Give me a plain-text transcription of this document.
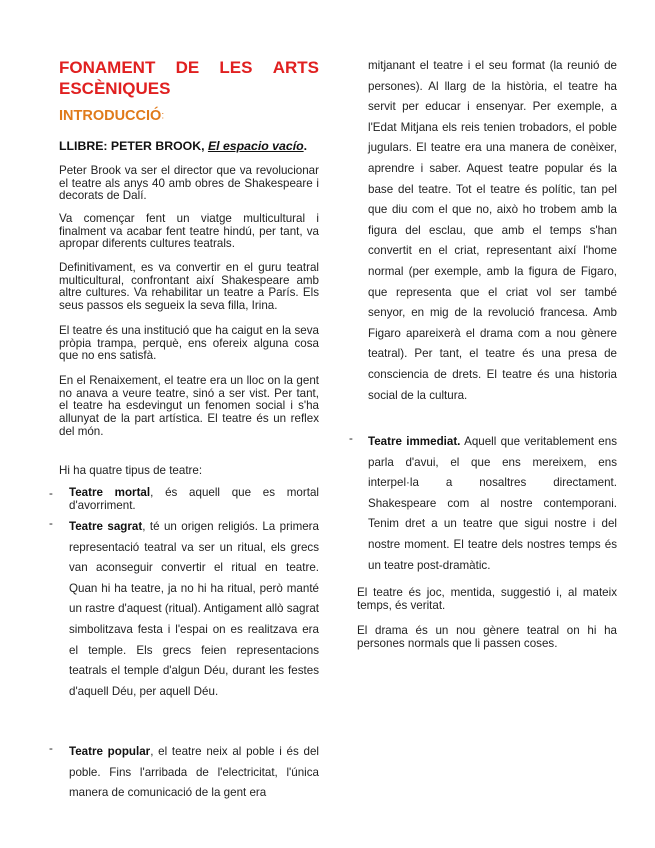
FONAMENT DE LES ARTS
ESCÈNIQUES
INTRODUCCIÓ:
LLIBRE: PETER BROOK, El espacio vacío.
Peter Brook va ser el director que va revolucionar el teatre als anys 40 amb obres de Shakespeare i decorats de Dalí.
Va començar fent un viatge multicultural i finalment va acabar fent teatre hindú, per tant, va apropar diferents cultures teatrals.
Definitivament, es va convertir en el guru teatral multicultural, confrontant així Shakespeare amb altre cultures. Va rehabilitar un teatre a París. Els seus passos els segueix la seva filla, Irina.
El teatre és una institució que ha caigut en la seva pròpia trampa, perquè, ens ofereix alguna cosa que no ens satisfà.
En el Renaixement, el teatre era un lloc on la gent no anava a veure teatre, sinó a ser vist. Per tant, el teatre ha esdevingut un fenomen social i s'ha allunyat de la part artística. El teatre és un reflex del món.
Hi ha quatre tipus de teatre:
- Teatre mortal, és aquell que es mortal d'avorriment.
- Teatre sagrat, té un origen religiós. La primera representació teatral va ser un ritual, els grecs van aconseguir convertir el ritual en teatre. Quan hi ha teatre, ja no hi ha ritual, però manté un rastre d'aquest (ritual). Antigament allò sagrat simbolitzava festa i l'espai on es realitzava era el temple. Els grecs feien representacions teatrals el temple d'algun Déu, durant les festes d'aquell Déu, per aquell Déu.
- Teatre popular, el teatre neix al poble i és del poble. Fins l'arribada de l'electricitat, l'única manera de comunicació de la gent era
mitjanant el teatre i el seu format (la reunió de persones). Al llarg de la història, el teatre ha servit per educar i ensenyar. Per exemple, a l'Edat Mitjana els reis tenien trobadors, el poble jugulars. El teatre era una manera de conèixer, aprendre i saber. Aquest teatre popular és la base del teatre. Tot el teatre és polític, tan pel que diu com el que no, això ho trobem amb la figura del esclau, que amb el temps s'han convertit en el criat, representant així l'home normal (per exemple, amb la figura de Figaro, que representa que el criat vol ser també senyor, en mig de la revolució francesa. Amb Figaro apareixerà el drama com a nou gènere teatral). Per tant, el teatre és una presa de consciencia de drets. El teatre és una historia social de la cultura.
- Teatre immediat. Aquell que veritablement ens parla d'avui, el que ens mereixem, ens interpel·la a nosaltres directament. Shakespeare com al nostre contemporani. Tenim dret a un teatre que sigui nostre i del nostre moment. El teatre dels nostres temps és un teatre post-dramàtic.
El teatre és joc, mentida, suggestió i, al mateix temps, és veritat.
El drama és un nou gènere teatral on hi ha persones normals que li passen coses.
